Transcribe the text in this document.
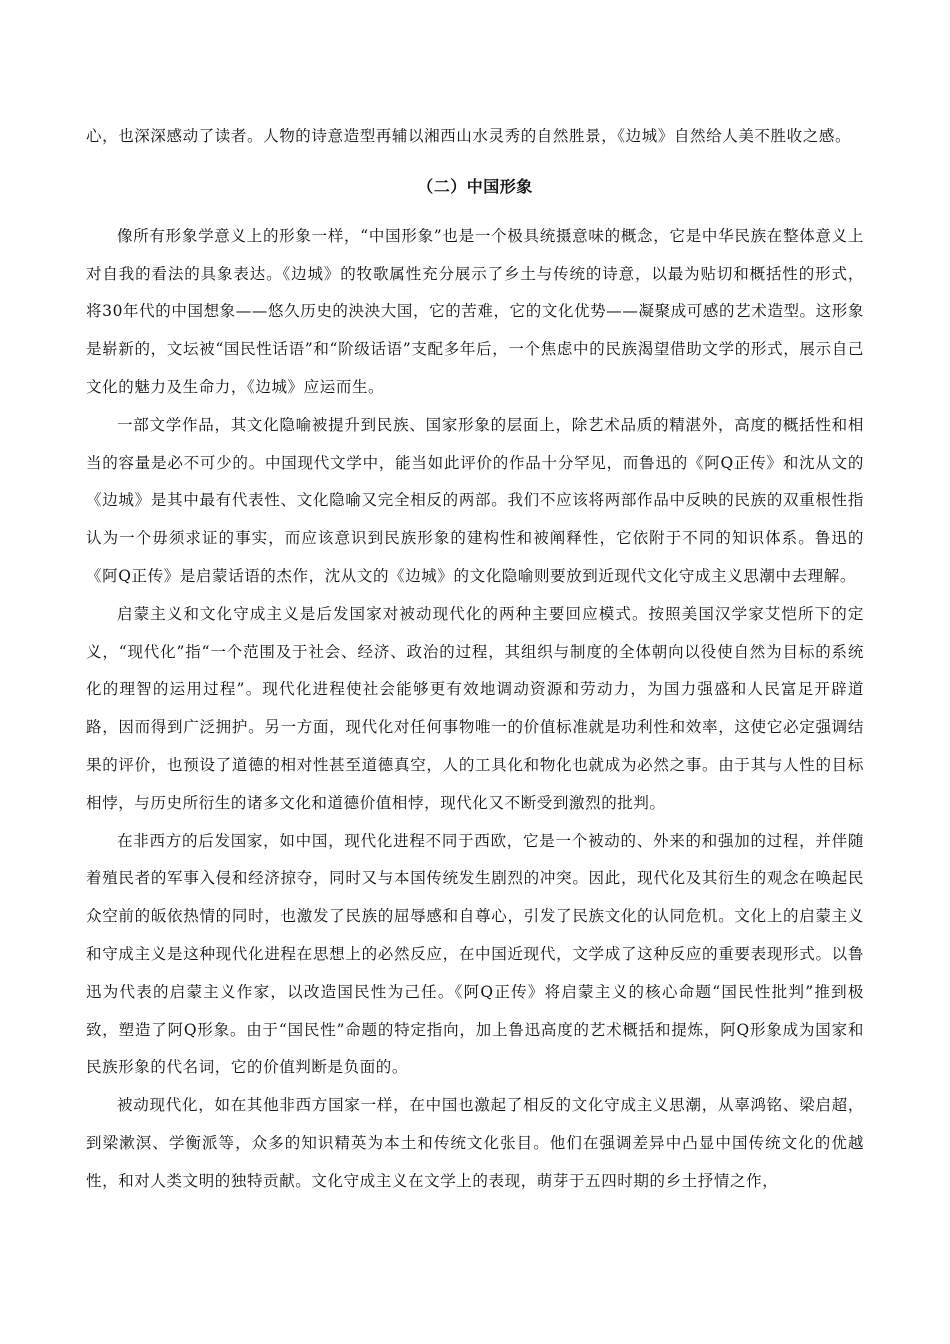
心，也深深感动了读者。人物的诗意造型再辅以湘西山水灵秀的自然胜景，《边城》自然给人美不胜收之感。

（二）中国形象

像所有形象学意义上的形象一样，“中国形象”也是一个极具统摄意味的概念，它是中华民族在整体意义上对自我的看法的具象表达。《边城》的牧歌属性充分展示了乡土与传统的诗意，以最为贴切和概括性的形式，将30年代的中国想象——悠久历史的泱泱大国，它的苦难，它的文化优势——凝聚成可感的艺术造型。这形象是崭新的，文坛被“国民性话语”和“阶级话语”支配多年后，一个焦虑中的民族渴望借助文学的形式，展示自己文化的魅力及生命力，《边城》应运而生。

一部文学作品，其文化隐喻被提升到民族、国家形象的层面上，除艺术品质的精湛外，高度的概括性和相当的容量是必不可少的。中国现代文学中，能当如此评价的作品十分罕见，而鲁迅的《阿Q正传》和沈从文的《边城》是其中最有代表性、文化隐喻又完全相反的两部。我们不应该将两部作品中反映的民族的双重根性指认为一个毋须求证的事实，而应该意识到民族形象的建构性和被阐释性，它依附于不同的知识体系。鲁迅的《阿Q正传》是启蒙话语的杰作，沈从文的《边城》的文化隐喻则要放到近现代文化守成主义思潮中去理解。

启蒙主义和文化守成主义是后发国家对被动现代化的两种主要回应模式。按照美国汉学家艾恺所下的定义，“现代化”指“一个范围及于社会、经济、政治的过程，其组织与制度的全体朝向以役使自然为目标的系统化的理智的运用过程”。现代化进程使社会能够更有效地调动资源和劳动力，为国力强盛和人民富足开辟道路，因而得到广泛拥护。另一方面，现代化对任何事物唯一的价值标准就是功利性和效率，这使它必定强调结果的评价，也预设了道德的相对性甚至道德真空，人的工具化和物化也就成为必然之事。由于其与人性的目标相悖，与历史所衍生的诸多文化和道德价值相悖，现代化又不断受到激烈的批判。

在非西方的后发国家，如中国，现代化进程不同于西欧，它是一个被动的、外来的和强加的过程，并伴随着殖民者的军事入侵和经济掠夺，同时又与本国传统发生剧烈的冲突。因此，现代化及其衍生的观念在唤起民众空前的皈依热情的同时，也激发了民族的屈辱感和自尊心，引发了民族文化的认同危机。文化上的启蒙主义和守成主义是这种现代化进程在思想上的必然反应，在中国近现代，文学成了这种反应的重要表现形式。以鲁迅为代表的启蒙主义作家，以改造国民性为己任。《阿Q正传》将启蒙主义的核心命题“国民性批判”推到极致，塑造了阿Q形象。由于“国民性”命题的特定指向，加上鲁迅高度的艺术概括和提炼，阿Q形象成为国家和民族形象的代名词，它的价值判断是负面的。

被动现代化，如在其他非西方国家一样，在中国也激起了相反的文化守成主义思潮，从辜鸿铭、梁启超，到梁漱溟、学衡派等，众多的知识精英为本土和传统文化张目。他们在强调差异中凸显中国传统文化的优越性，和对人类文明的独特贡献。文化守成主义在文学上的表现，萌芽于五四时期的乡土抒情之作，
